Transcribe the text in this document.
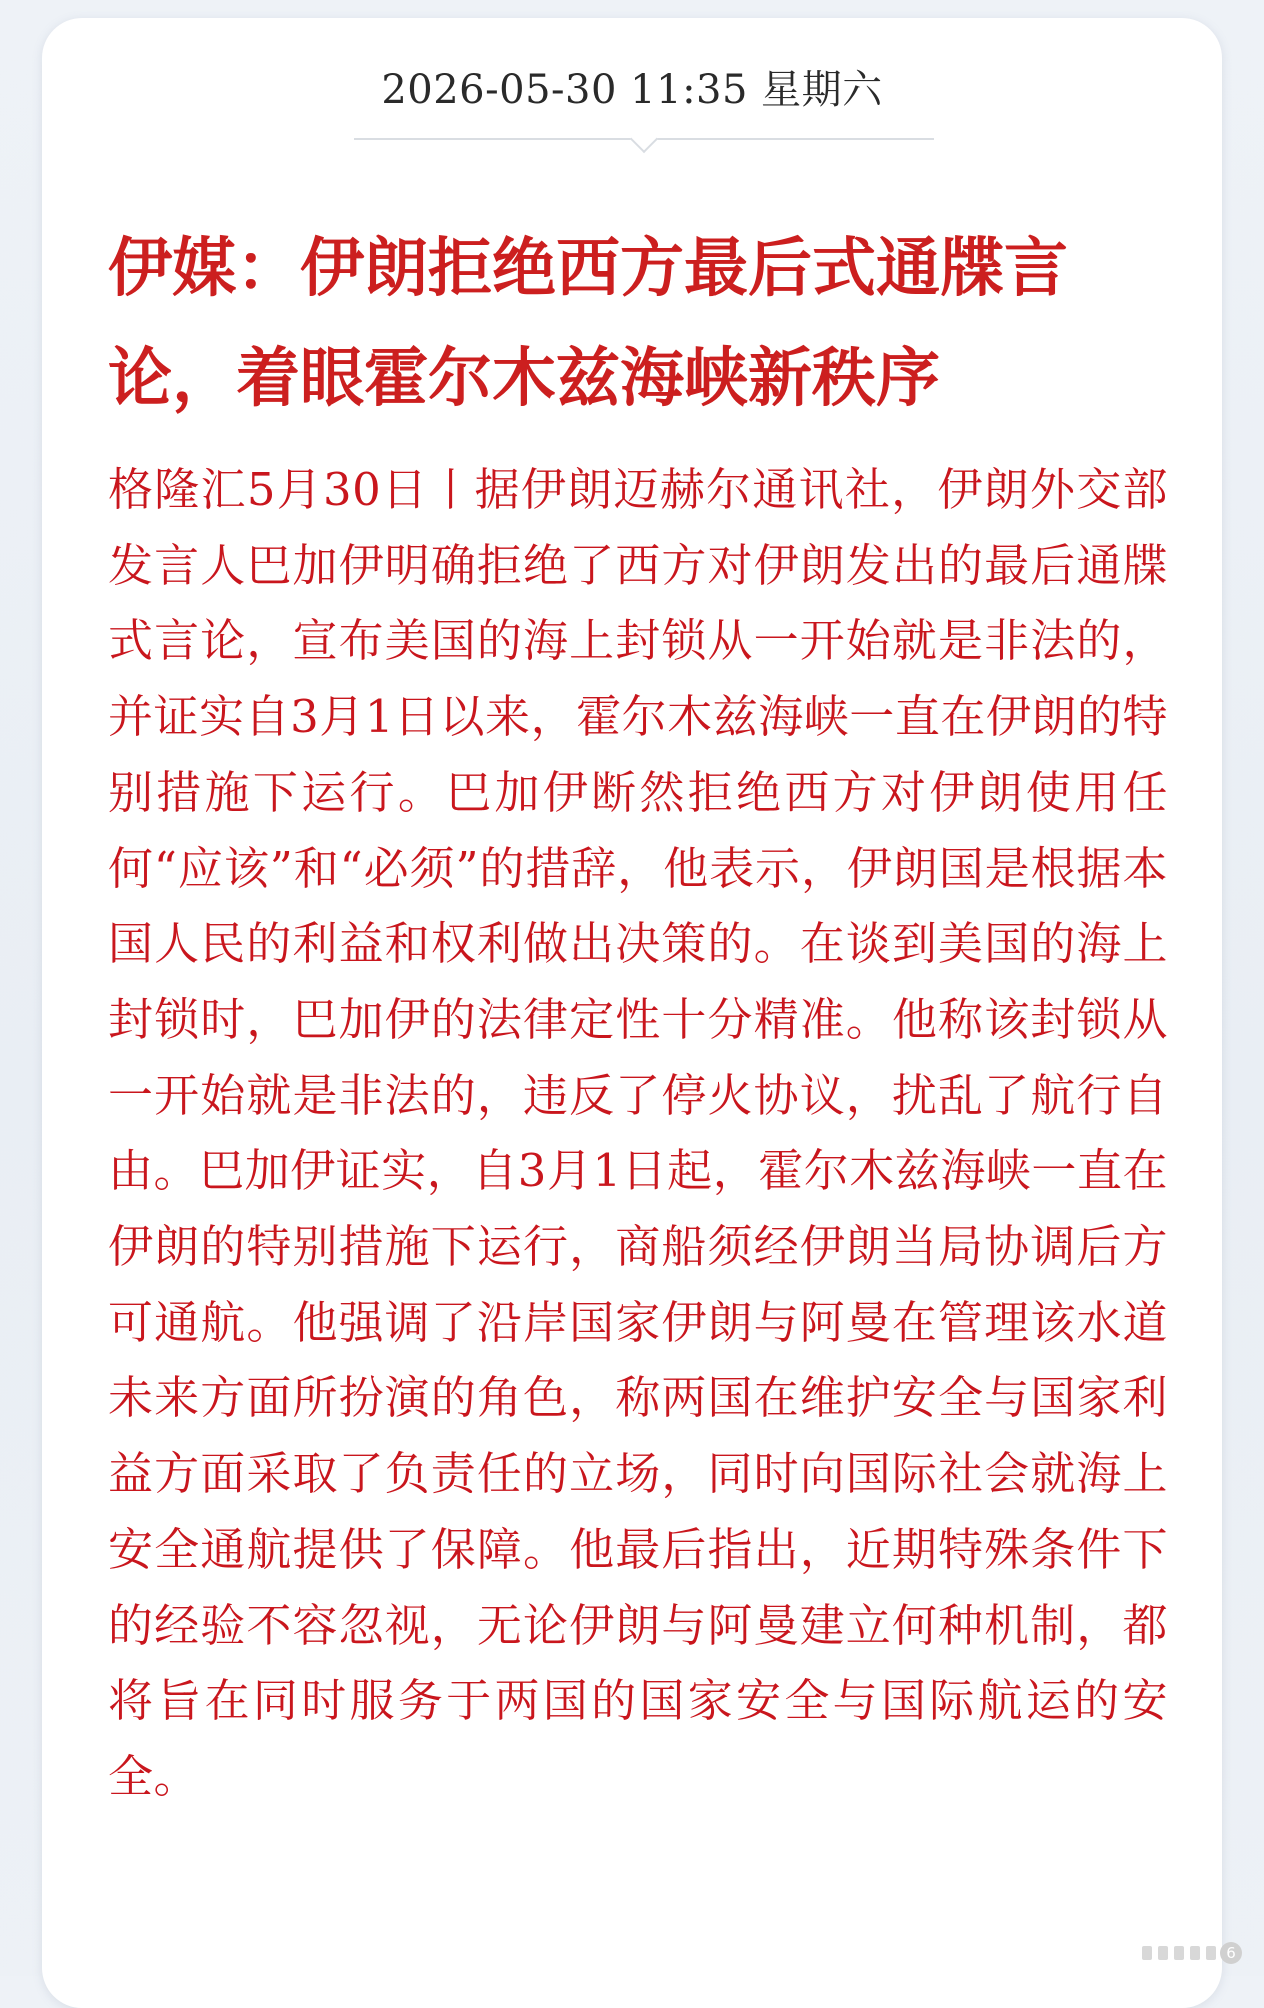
2026-05-30 11:35 星期六
伊媒：伊朗拒绝西方最后式通牒言论，着眼霍尔木兹海峡新秩序

格隆汇5月30日丨据伊朗迈赫尔通讯社，伊朗外交部发言人巴加伊明确拒绝了西方对伊朗发出的最后通牒式言论，宣布美国的海上封锁从一开始就是非法的，并证实自3月1日以来，霍尔木兹海峡一直在伊朗的特别措施下运行。巴加伊断然拒绝西方对伊朗使用任何“应该”和“必须”的措辞，他表示，伊朗国是根据本国人民的利益和权利做出决策的。在谈到美国的海上封锁时，巴加伊的法律定性十分精准。他称该封锁从一开始就是非法的，违反了停火协议，扰乱了航行自由。巴加伊证实，自3月1日起，霍尔木兹海峡一直在伊朗的特别措施下运行，商船须经伊朗当局协调后方可通航。他强调了沿岸国家伊朗与阿曼在管理该水道未来方面所扮演的角色，称两国在维护安全与国家利益方面采取了负责任的立场，同时向国际社会就海上安全通航提供了保障。他最后指出，近期特殊条件下的经验不容忽视，无论伊朗与阿曼建立何种机制，都将旨在同时服务于两国的国家安全与国际航运的安全。

6
